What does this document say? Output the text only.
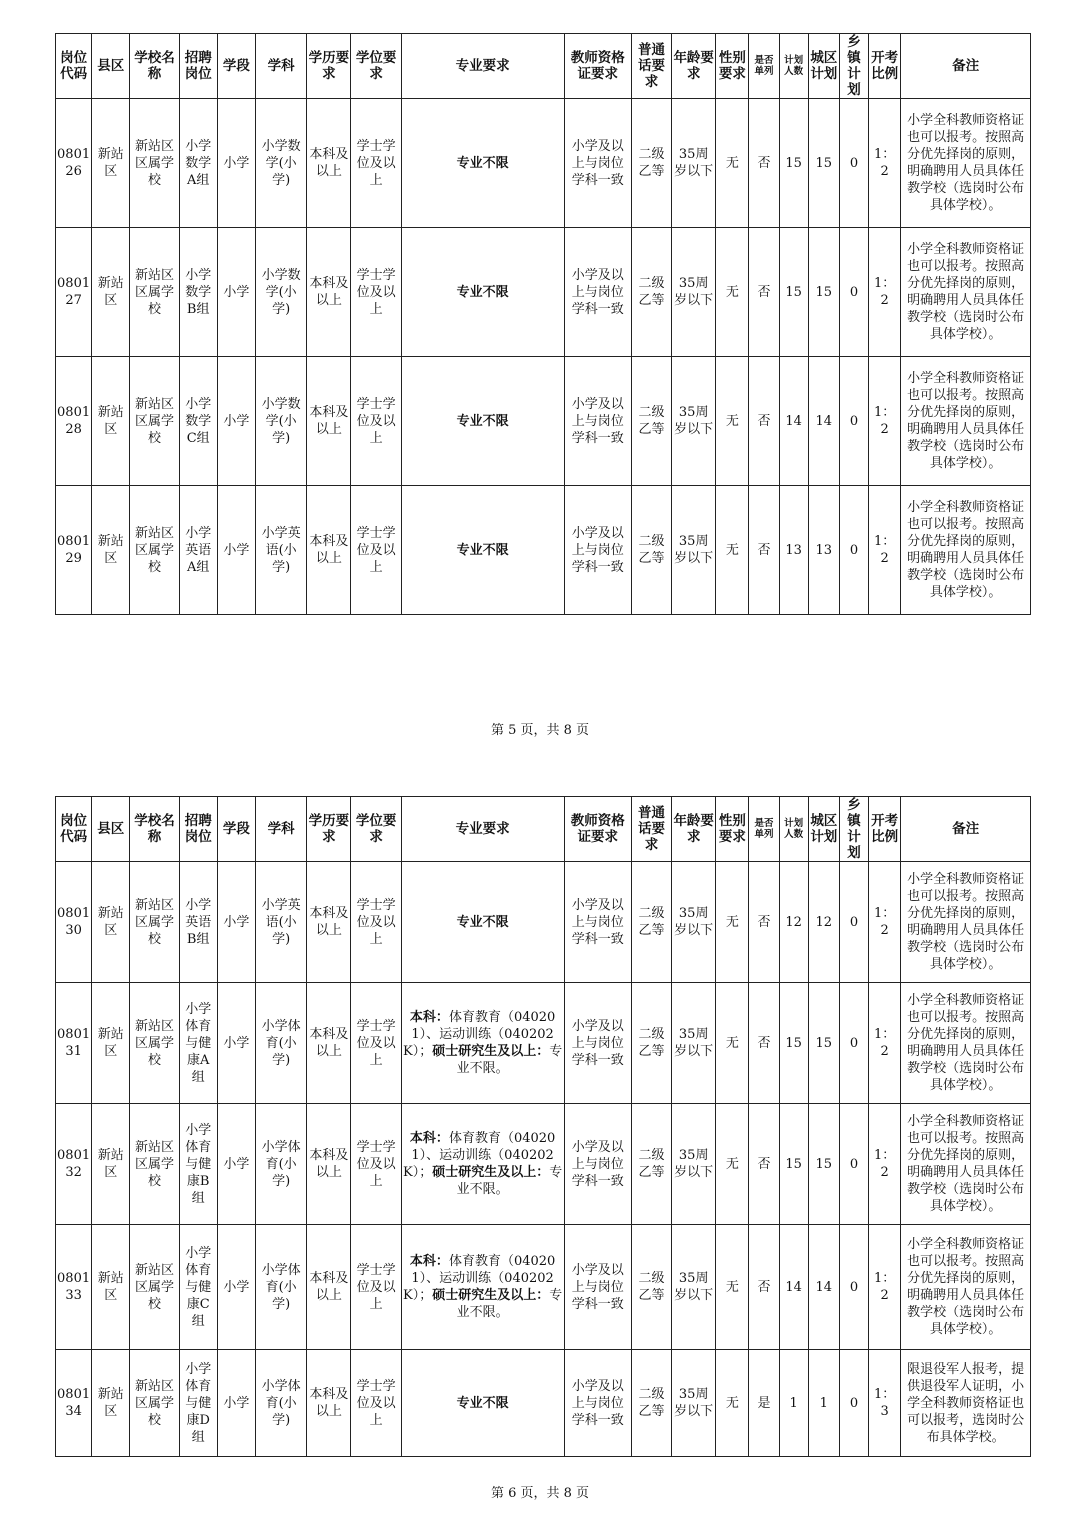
岗位代码	县区	学校名称	招聘岗位	学段	学科	学历要求	学位要求	专业要求	教师资格证要求	普通话要求	年龄要求	性别要求	是否单列	计划人数	城区计划	乡镇计划	开考比例	备注
080126	新站区	新站区区属学校	小学数学A组	小学	小学数学(小学)	本科及以上	学士学位及以上	专业不限	小学及以上与岗位学科一致	二级乙等	35周岁以下	无	否	15	15	0	1：2	小学全科教师资格证也可以报考。按照高分优先择岗的原则，明确聘用人员具体任教学校（选岗时公布具体学校）。
080127	新站区	新站区区属学校	小学数学B组	小学	小学数学(小学)	本科及以上	学士学位及以上	专业不限	小学及以上与岗位学科一致	二级乙等	35周岁以下	无	否	15	15	0	1：2	小学全科教师资格证也可以报考。按照高分优先择岗的原则，明确聘用人员具体任教学校（选岗时公布具体学校）。
080128	新站区	新站区区属学校	小学数学C组	小学	小学数学(小学)	本科及以上	学士学位及以上	专业不限	小学及以上与岗位学科一致	二级乙等	35周岁以下	无	否	14	14	0	1：2	小学全科教师资格证也可以报考。按照高分优先择岗的原则，明确聘用人员具体任教学校（选岗时公布具体学校）。
080129	新站区	新站区区属学校	小学英语A组	小学	小学英语(小学)	本科及以上	学士学位及以上	专业不限	小学及以上与岗位学科一致	二级乙等	35周岁以下	无	否	13	13	0	1：2	小学全科教师资格证也可以报考。按照高分优先择岗的原则，明确聘用人员具体任教学校（选岗时公布具体学校）。
第 5 页，共 8 页
岗位代码	县区	学校名称	招聘岗位	学段	学科	学历要求	学位要求	专业要求	教师资格证要求	普通话要求	年龄要求	性别要求	是否单列	计划人数	城区计划	乡镇计划	开考比例	备注
080130	新站区	新站区区属学校	小学英语B组	小学	小学英语(小学)	本科及以上	学士学位及以上	专业不限	小学及以上与岗位学科一致	二级乙等	35周岁以下	无	否	12	12	0	1：2	小学全科教师资格证也可以报考。按照高分优先择岗的原则，明确聘用人员具体任教学校（选岗时公布具体学校）。
080131	新站区	新站区区属学校	小学体育与健康A组	小学	小学体育(小学)	本科及以上	学士学位及以上	本科：体育教育（040201）、运动训练（040202K）；硕士研究生及以上：专业不限。	小学及以上与岗位学科一致	二级乙等	35周岁以下	无	否	15	15	0	1：2	小学全科教师资格证也可以报考。按照高分优先择岗的原则，明确聘用人员具体任教学校（选岗时公布具体学校）。
080132	新站区	新站区区属学校	小学体育与健康B组	小学	小学体育(小学)	本科及以上	学士学位及以上	本科：体育教育（040201）、运动训练（040202K）；硕士研究生及以上：专业不限。	小学及以上与岗位学科一致	二级乙等	35周岁以下	无	否	15	15	0	1：2	小学全科教师资格证也可以报考。按照高分优先择岗的原则，明确聘用人员具体任教学校（选岗时公布具体学校）。
080133	新站区	新站区区属学校	小学体育与健康C组	小学	小学体育(小学)	本科及以上	学士学位及以上	本科：体育教育（040201）、运动训练（040202K）；硕士研究生及以上：专业不限。	小学及以上与岗位学科一致	二级乙等	35周岁以下	无	否	14	14	0	1：2	小学全科教师资格证也可以报考。按照高分优先择岗的原则，明确聘用人员具体任教学校（选岗时公布具体学校）。
080134	新站区	新站区区属学校	小学体育与健康D组	小学	小学体育(小学)	本科及以上	学士学位及以上	专业不限	小学及以上与岗位学科一致	二级乙等	35周岁以下	无	是	1	1	0	1：3	限退役军人报考，提供退役军人证明，小学全科教师资格证也可以报考，选岗时公布具体学校。
第 6 页，共 8 页
